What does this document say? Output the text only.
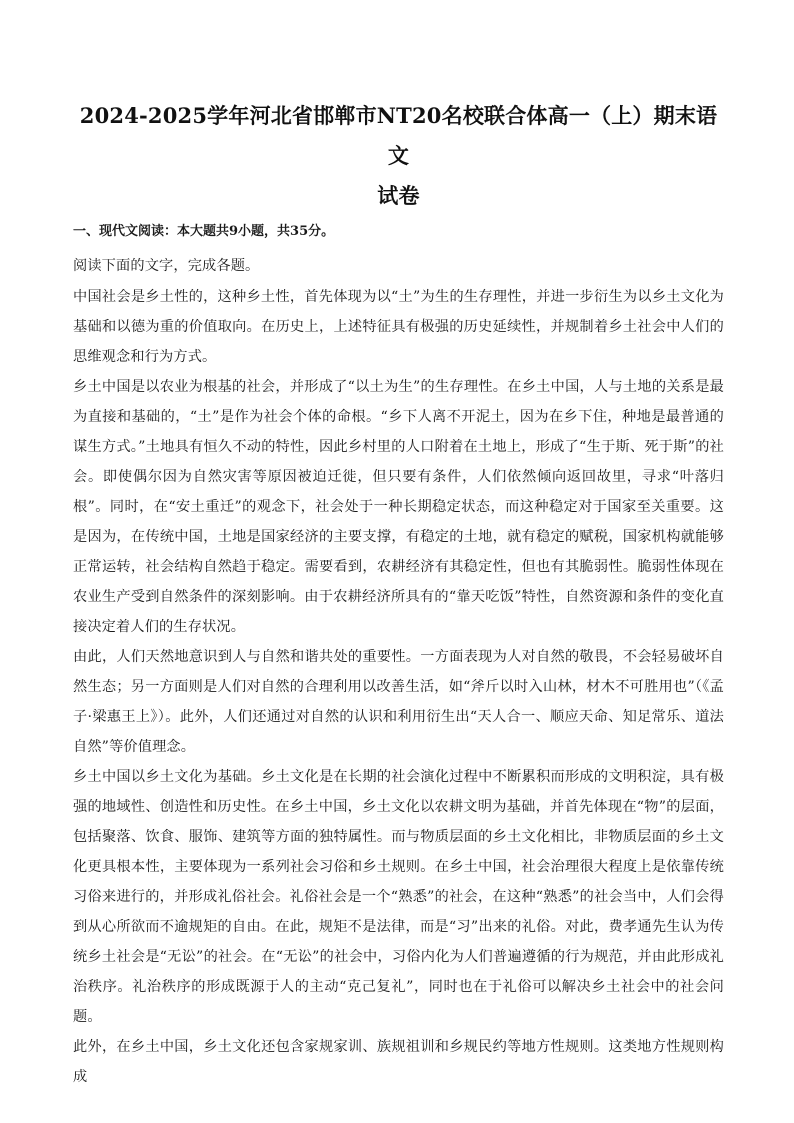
2024-2025学年河北省邯郸市NT20名校联合体高一（上）期末语文
试卷
一、现代文阅读：本大题共9小题，共35分。

阅读下面的文字，完成各题。

中国社会是乡土性的，这种乡土性，首先体现为以“土”为生的生存理性，并进一步衍生为以乡土文化为基础和以德为重的价值取向。在历史上，上述特征具有极强的历史延续性，并规制着乡土社会中人们的思维观念和行为方式。

乡土中国是以农业为根基的社会，并形成了“以土为生”的生存理性。在乡土中国，人与土地的关系是最为直接和基础的，“土”是作为社会个体的命根。“乡下人离不开泥土，因为在乡下住，种地是最普通的谋生方式。”土地具有恒久不动的特性，因此乡村里的人口附着在土地上，形成了“生于斯、死于斯”的社会。即使偶尔因为自然灾害等原因被迫迁徙，但只要有条件，人们依然倾向返回故里，寻求“叶落归根”。同时，在“安土重迁”的观念下，社会处于一种长期稳定状态，而这种稳定对于国家至关重要。这是因为，在传统中国，土地是国家经济的主要支撑，有稳定的土地，就有稳定的赋税，国家机构就能够正常运转，社会结构自然趋于稳定。需要看到，农耕经济有其稳定性，但也有其脆弱性。脆弱性体现在农业生产受到自然条件的深刻影响。由于农耕经济所具有的“靠天吃饭”特性，自然资源和条件的变化直接决定着人们的生存状况。

由此，人们天然地意识到人与自然和谐共处的重要性。一方面表现为人对自然的敬畏，不会轻易破坏自然生态；另一方面则是人们对自然的合理利用以改善生活，如“斧斤以时入山林，材木不可胜用也”（《孟子·梁惠王上》）。此外，人们还通过对自然的认识和利用衍生出“天人合一、顺应天命、知足常乐、道法自然”等价值理念。

乡土中国以乡土文化为基础。乡土文化是在长期的社会演化过程中不断累积而形成的文明积淀，具有极强的地域性、创造性和历史性。在乡土中国，乡土文化以农耕文明为基础，并首先体现在“物”的层面，包括聚落、饮食、服饰、建筑等方面的独特属性。而与物质层面的乡土文化相比，非物质层面的乡土文化更具根本性，主要体现为一系列社会习俗和乡土规则。在乡土中国，社会治理很大程度上是依靠传统习俗来进行的，并形成礼俗社会。礼俗社会是一个“熟悉”的社会，在这种“熟悉”的社会当中，人们会得到从心所欲而不逾规矩的自由。在此，规矩不是法律，而是“习”出来的礼俗。对此，费孝通先生认为传统乡土社会是“无讼”的社会。在“无讼”的社会中，习俗内化为人们普遍遵循的行为规范，并由此形成礼治秩序。礼治秩序的形成既源于人的主动“克己复礼”，同时也在于礼俗可以解决乡土社会中的社会问题。

此外，在乡土中国，乡土文化还包含家规家训、族规祖训和乡规民约等地方性规则。这类地方性规则构成
